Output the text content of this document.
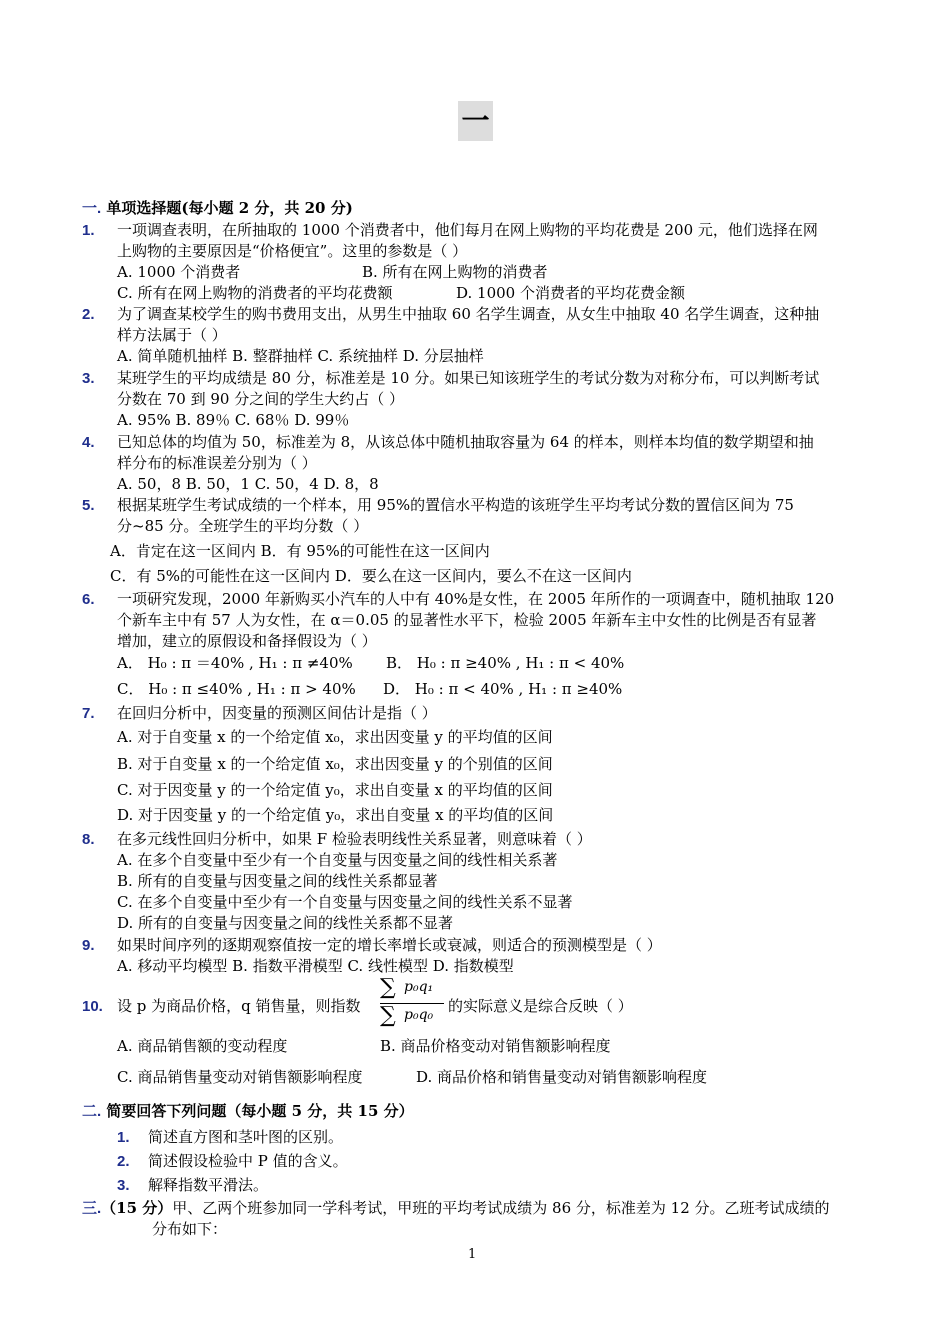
一
一. 单项选择题(每小题 2 分，共 20 分)
1. 一项调查表明，在所抽取的 1000 个消费者中，他们每月在网上购物的平均花费是 200 元，他们选择在网
上购物的主要原因是“价格便宜”。这里的参数是（ ）
A. 1000 个消费者	B. 所有在网上购物的消费者
C. 所有在网上购物的消费者的平均花费额	D. 1000 个消费者的平均花费金额
2. 为了调查某校学生的购书费用支出，从男生中抽取 60 名学生调查，从女生中抽取 40 名学生调查，这种抽
样方法属于（ ）
A. 简单随机抽样 B. 整群抽样 C. 系统抽样 D. 分层抽样
3. 某班学生的平均成绩是 80 分，标准差是 10 分。如果已知该班学生的考试分数为对称分布，可以判断考试
分数在 70 到 90 分之间的学生大约占（ ）
A. 95% B. 89％ C. 68％ D. 99％
4. 已知总体的均值为 50，标准差为 8，从该总体中随机抽取容量为 64 的样本，则样本均值的数学期望和抽
样分布的标准误差分别为（ ）
A. 50，8 B. 50，1 C. 50，4 D. 8，8
5. 根据某班学生考试成绩的一个样本，用 95%的置信水平构造的该班学生平均考试分数的置信区间为 75
分~85 分。全班学生的平均分数（ ）
A．肯定在这一区间内 B．有 95%的可能性在这一区间内
C．有 5%的可能性在这一区间内 D．要么在这一区间内，要么不在这一区间内
6. 一项研究发现，2000 年新购买小汽车的人中有 40%是女性，在 2005 年所作的一项调查中，随机抽取 120
个新车主中有 57 人为女性，在 α＝0.05 的显著性水平下，检验 2005 年新车主中女性的比例是否有显著
增加，建立的原假设和备择假设为（ ）
A． H₀ : π ＝40% , H₁ : π ≠40% B． H₀ : π ≥40% , H₁ : π < 40%
C． H₀ : π ≤40% , H₁ : π > 40% D． H₀ : π < 40% , H₁ : π ≥40%
7. 在回归分析中，因变量的预测区间估计是指（ ）
A. 对于自变量 x 的一个给定值 x₀，求出因变量 y 的平均值的区间
B. 对于自变量 x 的一个给定值 x₀，求出因变量 y 的个别值的区间
C. 对于因变量 y 的一个给定值 y₀，求出自变量 x 的平均值的区间
D. 对于因变量 y 的一个给定值 y₀，求出自变量 x 的平均值的区间
8. 在多元线性回归分析中，如果 F 检验表明线性关系显著，则意味着（ ）
A. 在多个自变量中至少有一个自变量与因变量之间的线性相关系著
B. 所有的自变量与因变量之间的线性关系都显著
C. 在多个自变量中至少有一个自变量与因变量之间的线性关系不显著
D. 所有的自变量与因变量之间的线性关系都不显著
9. 如果时间序列的逐期观察值按一定的增长率增长或衰减，则适合的预测模型是（ ）
A. 移动平均模型 B. 指数平滑模型 C. 线性模型 D. 指数模型
10. 设 p 为商品价格，q 销售量，则指数
∑ p₀q₁
∑ p₀q₀ 的实际意义是综合反映（ ）
A. 商品销售额的变动程度	B. 商品价格变动对销售额影响程度
C. 商品销售量变动对销售额影响程度	D. 商品价格和销售量变动对销售额影响程度
二. 简要回答下列问题（每小题 5 分，共 15 分）
1. 简述直方图和茎叶图的区别。
2. 简述假设检验中 P 值的含义。
3. 解释指数平滑法。
三.（15 分）甲、乙两个班参加同一学科考试，甲班的平均考试成绩为 86 分，标准差为 12 分。乙班考试成绩的
分布如下：
1
